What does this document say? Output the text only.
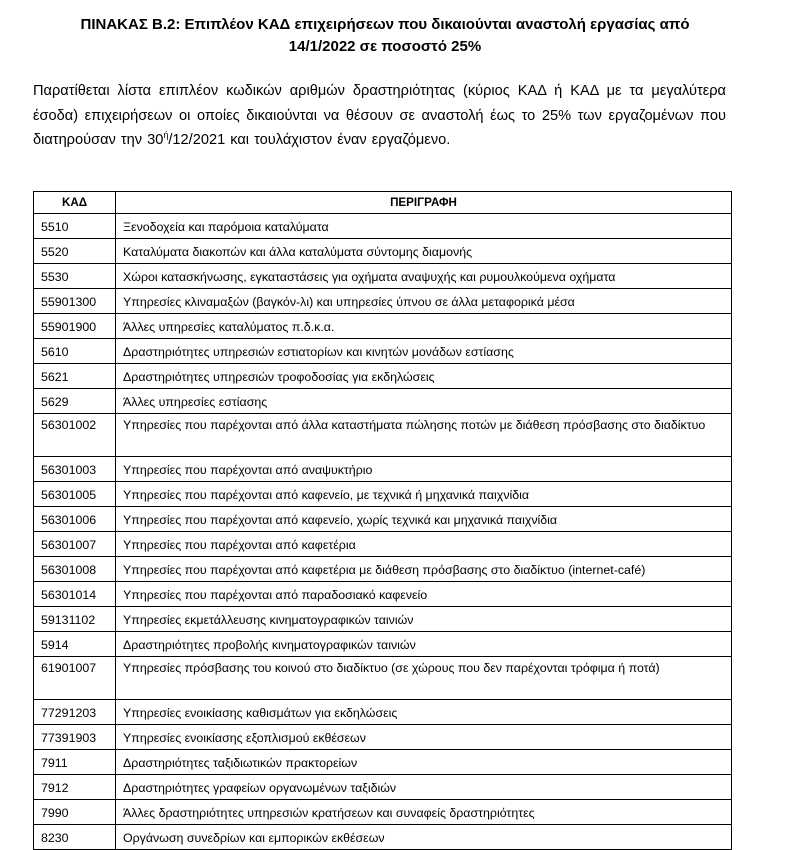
ΠΙΝΑΚΑΣ Β.2: Επιπλέον ΚΑΔ επιχειρήσεων που δικαιούνται αναστολή εργασίας από
14/1/2022 σε ποσοστό 25%

Παρατίθεται λίστα επιπλέον κωδικών αριθμών δραστηριότητας (κύριος ΚΑΔ ή ΚΑΔ με τα μεγαλύτερα έσοδα) επιχειρήσεων οι οποίες δικαιούνται να θέσουν σε αναστολή έως το 25% των εργαζομένων που διατηρούσαν την $30^ή/12/2021$ και τουλάχιστον έναν εργαζόμενο.

ΚΑΔ	ΠΕΡΙΓΡΑΦΗ
5510	Ξενοδοχεία και παρόμοια καταλύματα
5520	Καταλύματα διακοπών και άλλα καταλύματα σύντομης διαμονής
5530	Χώροι κατασκήνωσης, εγκαταστάσεις για οχήματα αναψυχής και ρυμουλκούμενα οχήματα
55901300	Υπηρεσίες κλιναμαξών (βαγκόν-λι) και υπηρεσίες ύπνου σε άλλα μεταφορικά μέσα
55901900	Άλλες υπηρεσίες καταλύματος π.δ.κ.α.
5610	Δραστηριότητες υπηρεσιών εστιατορίων και κινητών μονάδων εστίασης
5621	Δραστηριότητες υπηρεσιών τροφοδοσίας για εκδηλώσεις
5629	Άλλες υπηρεσίες εστίασης
56301002	Υπηρεσίες που παρέχονται από άλλα καταστήματα πώλησης ποτών με διάθεση πρόσβασης στο διαδίκτυο
56301003	Υπηρεσίες που παρέχονται από αναψυκτήριο
56301005	Υπηρεσίες που παρέχονται από καφενείο, με τεχνικά ή μηχανικά παιχνίδια
56301006	Υπηρεσίες που παρέχονται από καφενείο, χωρίς τεχνικά και μηχανικά παιχνίδια
56301007	Υπηρεσίες που παρέχονται από καφετέρια
56301008	Υπηρεσίες που παρέχονται από καφετέρια με διάθεση πρόσβασης στο διαδίκτυο (internet-café)
56301014	Υπηρεσίες που παρέχονται από παραδοσιακό καφενείο
59131102	Υπηρεσίες εκμετάλλευσης κινηματογραφικών ταινιών
5914	Δραστηριότητες προβολής κινηματογραφικών ταινιών
61901007	Υπηρεσίες πρόσβασης του κοινού στο διαδίκτυο (σε χώρους που δεν παρέχονται τρόφιμα ή ποτά)
77291203	Υπηρεσίες ενοικίασης καθισμάτων για εκδηλώσεις
77391903	Υπηρεσίες ενοικίασης εξοπλισμού εκθέσεων
7911	Δραστηριότητες ταξιδιωτικών πρακτορείων
7912	Δραστηριότητες γραφείων οργανωμένων ταξιδιών
7990	Άλλες δραστηριότητες υπηρεσιών κρατήσεων και συναφείς δραστηριότητες
8230	Οργάνωση συνεδρίων και εμπορικών εκθέσεων
